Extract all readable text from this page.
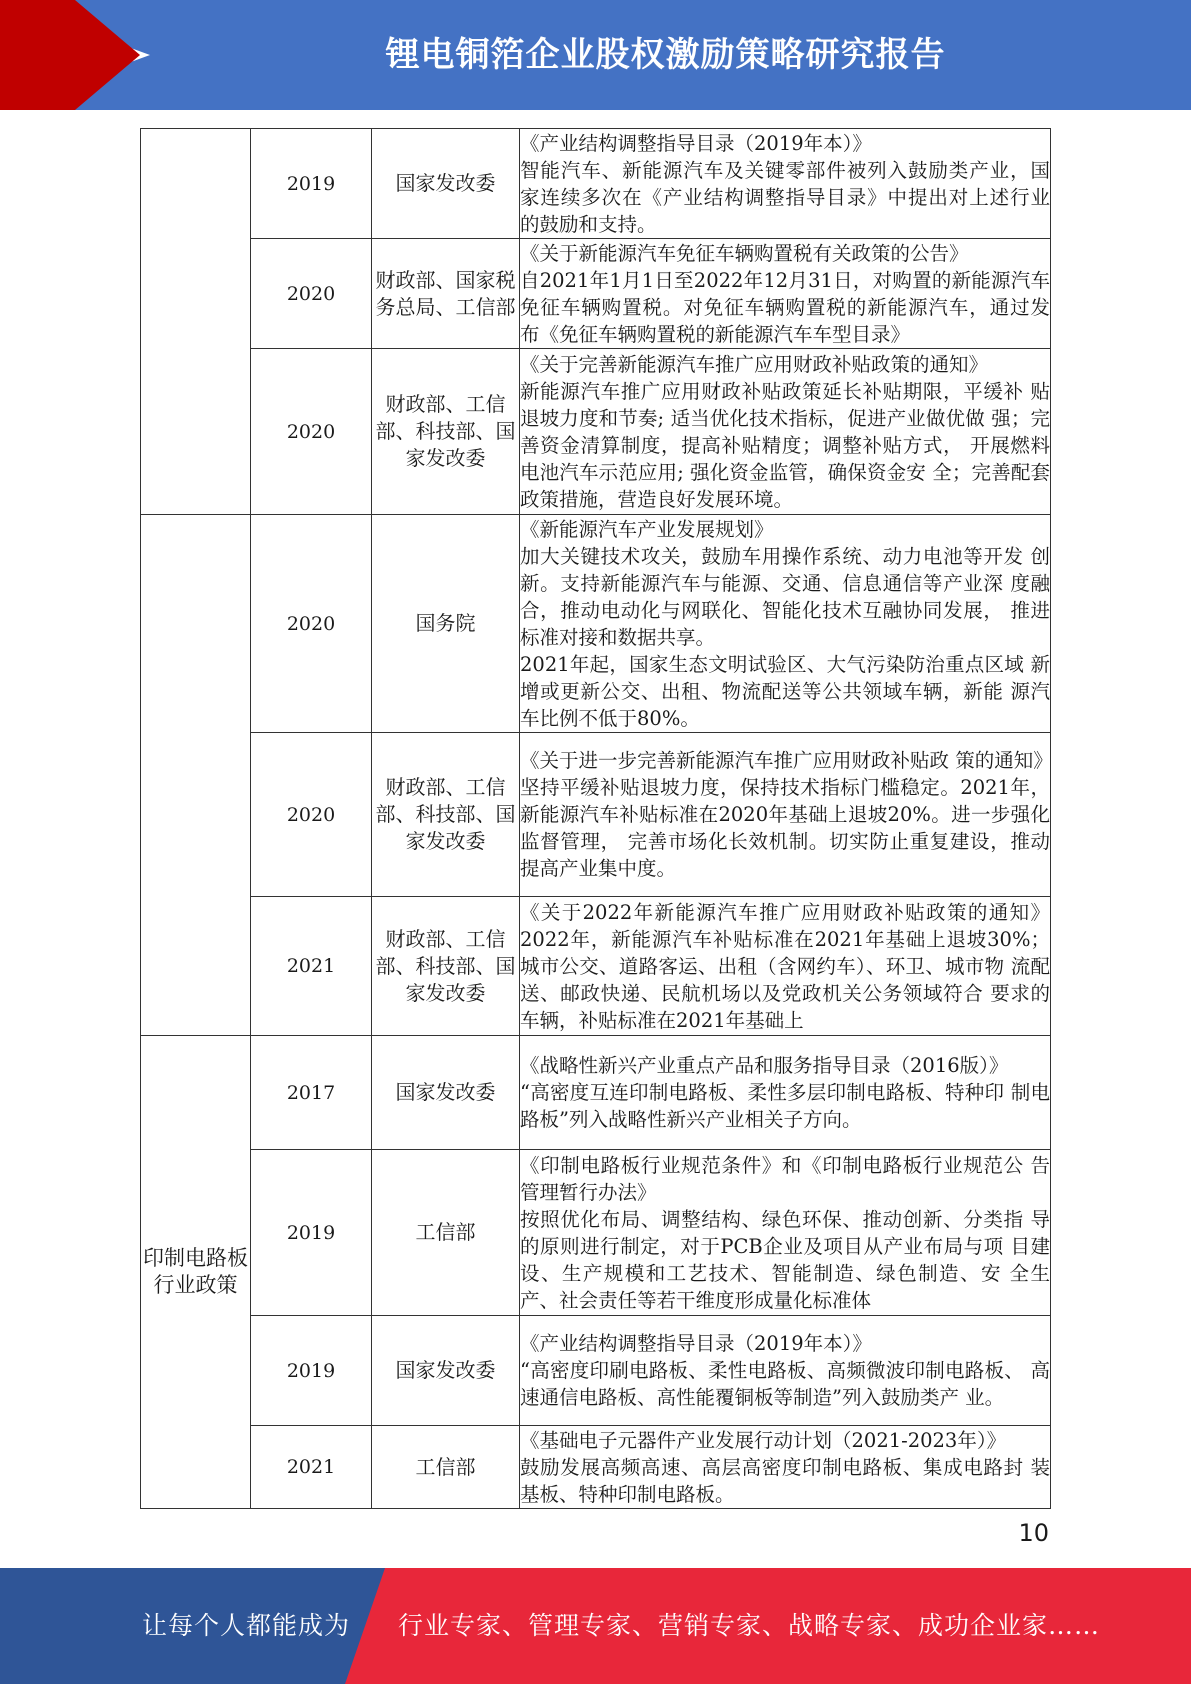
锂电铜箔企业股权激励策略研究报告
	2019	国家发改委	《产业结构调整指导目录（2019年本）》
智能汽车、新能源汽车及关键零部件被列入鼓励类产业，国 家连续多次在《产业结构调整指导目录》中提出对上述行业 的鼓励和支持。

	2020	财政部、国家税务总局、工信部	《关于新能源汽车免征车辆购置税有关政策的公告》
自2021年1月1日至2022年12月31日，对购置的新能源汽车 免征车辆购置税。对免征车辆购置税的新能源汽车，通过发 布《免征车辆购置税的新能源汽车车型目录》

	2020	财政部、工信部、科技部、国 家发改委	《关于完善新能源汽车推广应用财政补贴政策的通知》
新能源汽车推广应用财政补贴政策延长补贴期限，平缓补 贴退坡力度和节奏; 适当优化技术指标，促进产业做优做 强；完善资金清算制度，提高补贴精度；调整补贴方式， 开展燃料电池汽车示范应用; 强化资金监管，确保资金安 全；完善配套政策措施，营造良好发展环境。

	2020	国务院	《新能源汽车产业发展规划》
加大关键技术攻关，鼓励车用操作系统、动力电池等开发 创新。支持新能源汽车与能源、交通、信息通信等产业深 度融合，推动电动化与网联化、智能化技术互融协同发展， 推进标准对接和数据共享。
2021年起，国家生态文明试验区、大气污染防治重点区域 新增或更新公交、出租、物流配送等公共领域车辆，新能 源汽车比例不低于80%。

	2020	财政部、工信部、科技部、国 家发改委	《关于进一步完善新能源汽车推广应用财政补贴政 策的通知》
坚持平缓补贴退坡力度，保持技术指标门槛稳定。2021年， 新能源汽车补贴标准在2020年基础上退坡20%。进一步强化监督管理， 完善市场化长效机制。切实防止重复建设，推动提高产业集中度。

	2021	财政部、工信部、科技部、国 家发改委	《关于2022年新能源汽车推广应用财政补贴政策的通知》 2022年，新能源汽车补贴标准在2021年基础上退坡30%； 城市公交、道路客运、出租（含网约车）、环卫、城市物 流配送、邮政快递、民航机场以及党政机关公务领域符合 要求的车辆，补贴标准在2021年基础上

印制电路板行业政策	2017	国家发改委	《战略性新兴产业重点产品和服务指导目录（2016版）》
“高密度互连印制电路板、柔性多层印制电路板、特种印 制电路板”列入战略性新兴产业相关子方向。

	2019	工信部	《印制电路板行业规范条件》和《印制电路板行业规范公 告管理暂行办法》
按照优化布局、调整结构、绿色环保、推动创新、分类指 导的原则进行制定，对于PCB企业及项目从产业布局与项 目建设、生产规模和工艺技术、智能制造、绿色制造、安 全生产、社会责任等若干维度形成量化标准体

	2019	国家发改委	《产业结构调整指导目录（2019年本）》
“高密度印刷电路板、柔性电路板、高频微波印制电路板、 高速通信电路板、高性能覆铜板等制造”列入鼓励类产 业。

	2021	工信部	《基础电子元器件产业发展行动计划（2021-2023年）》
鼓励发展高频高速、高层高密度印制电路板、集成电路封 装基板、特种印制电路板。
10
让每个人都能成为 行业专家、管理专家、营销专家、战略专家、成功企业家……
